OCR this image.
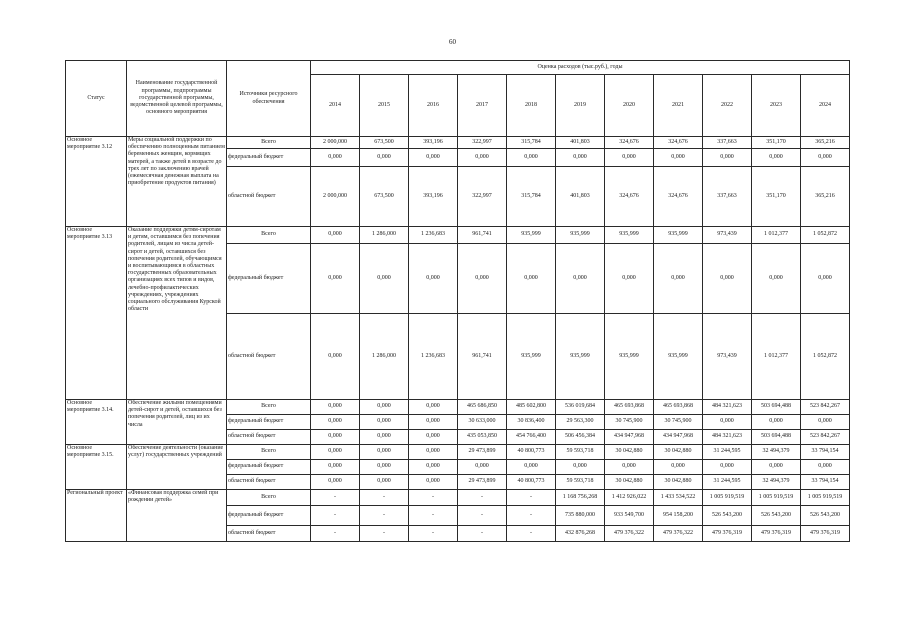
60
Статус	Наименование государственной программы, подпрограммы государственной программы, ведомственной целевой программы, основного мероприятия	Источники ресурсного обеспечения	Оценка расходов (тыс.руб.), годы										
			2014	2015	2016	2017	2018	2019	2020	2021	2022	2023	2024
Основное мероприятие 3.12	Меры социальной поддержки по обеспечению полноценным питанием беременных женщин, кормящих матерей, а также детей в возрасте до трех лет по заключению врачей (ежемесячная денежная выплата на приобретение продуктов питания)	Всего	2 000,000	673,500	393,196	322,997	315,784	401,803	324,676	324,676	337,663	351,170	365,216
		федеральный бюджет	0,000	0,000	0,000	0,000	0,000	0,000	0,000	0,000	0,000	0,000	0,000
		областной бюджет	2 000,000	673,500	393,196	322,997	315,784	401,803	324,676	324,676	337,663	351,170	365,216
Основное мероприятие 3.13	Оказание поддержки детям-сиротам и детям, оставшимся без попечения родителей, лицам из числа детей-сирот и детей, оставшихся без попечения родителей, обучающимся и воспитывающимся в областных государственных образовательных организациях всех типов и видов, лечебно-профилактических учреждениях, учреждениях социального обслуживания Курской области	Всего	0,000	1 286,000	1 236,683	961,741	935,999	935,999	935,999	935,999	973,439	1 012,377	1 052,872
		федеральный бюджет	0,000	0,000	0,000	0,000	0,000	0,000	0,000	0,000	0,000	0,000	0,000
		областной бюджет	0,000	1 286,000	1 236,683	961,741	935,999	935,999	935,999	935,999	973,439	1 012,377	1 052,872
Основное мероприятие 3.14.	Обеспечение жилыми помещениями детей-сирот и детей, оставшихся без попечения родителей, лиц из их числа	Всего	0,000	0,000	0,000	465 686,850	485 602,800	536 019,684	465 693,868	465 693,868	484 321,623	503 694,488	523 842,267
		федеральный бюджет	0,000	0,000	0,000	30 633,000	30 836,400	29 563,300	30 745,900	30 745,900	0,000	0,000	0,000
		областной бюджет	0,000	0,000	0,000	435 053,850	454 766,400	506 456,384	434 947,968	434 947,968	484 321,623	503 694,488	523 842,267
Основное мероприятие 3.15.	Обеспечение деятельности (оказание услуг) государственных учреждений	Всего	0,000	0,000	0,000	29 473,899	40 800,773	59 593,718	30 042,880	30 042,880	31 244,595	32 494,379	33 794,154
		федеральный бюджет	0,000	0,000	0,000	0,000	0,000	0,000	0,000	0,000	0,000	0,000	0,000
		областной бюджет	0,000	0,000	0,000	29 473,899	40 800,773	59 593,718	30 042,880	30 042,880	31 244,595	32 494,379	33 794,154
Региональный проект	«Финансовая поддержка семей при рождении детей»	Всего	-	-	-	-	-	1 168 756,268	1 412 926,022	1 433 534,522	1 005 919,519	1 005 919,519	1 005 919,519
		федеральный бюджет	-	-	-	-	-	735 880,000	933 549,700	954 158,200	526 543,200	526 543,200	526 543,200
		областной бюджет	-	-	-	-	-	432 876,268	479 376,322	479 376,322	479 376,319	479 376,319	479 376,319
